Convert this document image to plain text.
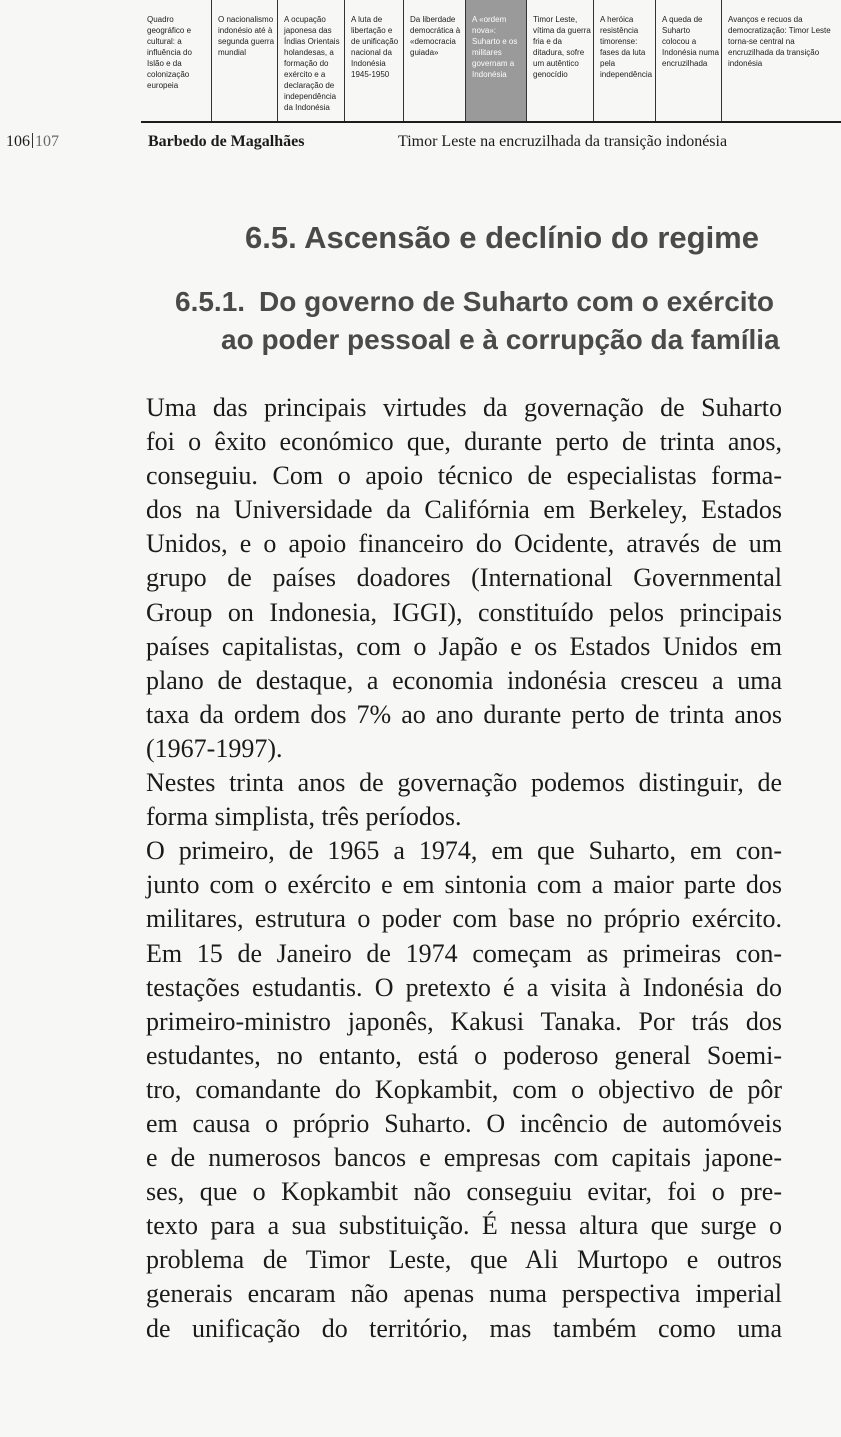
Quadro geográfico e cultural: a influência do Islão e da colonização europeia
O nacionalismo indonésio até à segunda guerra mundial
A ocupação japonesa das Índias Orientais holandesas, a formação do exército e a declaração de independência da Indonésia
A luta de libertação e de unificação nacional da Indonésia 1945-1950
Da liberdade democrática à «democracia guiada»
A «ordem nova»: Suharto e os militares governam a Indonésia
Timor Leste, vítima da guerra fria e da ditadura, sofre um autêntico genocídio
A heróica resistência timorense: fases da luta pela independência
A queda de Suharto colocou a Indonésia numa encruzilhada
Avanços e recuos da democratização: Timor Leste torna-se central na encruzilhada da transição indonésia
106 107	Barbedo de Magalhães	Timor Leste na encruzilhada da transição indonésia
6.5. Ascensão e declínio do regime
6.5.1. Do governo de Suharto com o exército
ao poder pessoal e à corrupção da família
Uma das principais virtudes da governação de Suharto
foi o êxito económico que, durante perto de trinta anos,
conseguiu. Com o apoio técnico de especialistas forma-
dos na Universidade da Califórnia em Berkeley, Estados
Unidos, e o apoio financeiro do Ocidente, através de um
grupo de países doadores (International Governmental
Group on Indonesia, IGGI), constituído pelos principais
países capitalistas, com o Japão e os Estados Unidos em
plano de destaque, a economia indonésia cresceu a uma
taxa da ordem dos 7% ao ano durante perto de trinta anos
(1967-1997).
Nestes trinta anos de governação podemos distinguir, de
forma simplista, três períodos.
O primeiro, de 1965 a 1974, em que Suharto, em con-
junto com o exército e em sintonia com a maior parte dos
militares, estrutura o poder com base no próprio exército.
Em 15 de Janeiro de 1974 começam as primeiras con-
testações estudantis. O pretexto é a visita à Indonésia do
primeiro-ministro japonês, Kakusi Tanaka. Por trás dos
estudantes, no entanto, está o poderoso general Soemi-
tro, comandante do Kopkambit, com o objectivo de pôr
em causa o próprio Suharto. O incêncio de automóveis
e de numerosos bancos e empresas com capitais japone-
ses, que o Kopkambit não conseguiu evitar, foi o pre-
texto para a sua substituição. É nessa altura que surge o
problema de Timor Leste, que Ali Murtopo e outros
generais encaram não apenas numa perspectiva imperial
de unificação do território, mas também como uma
